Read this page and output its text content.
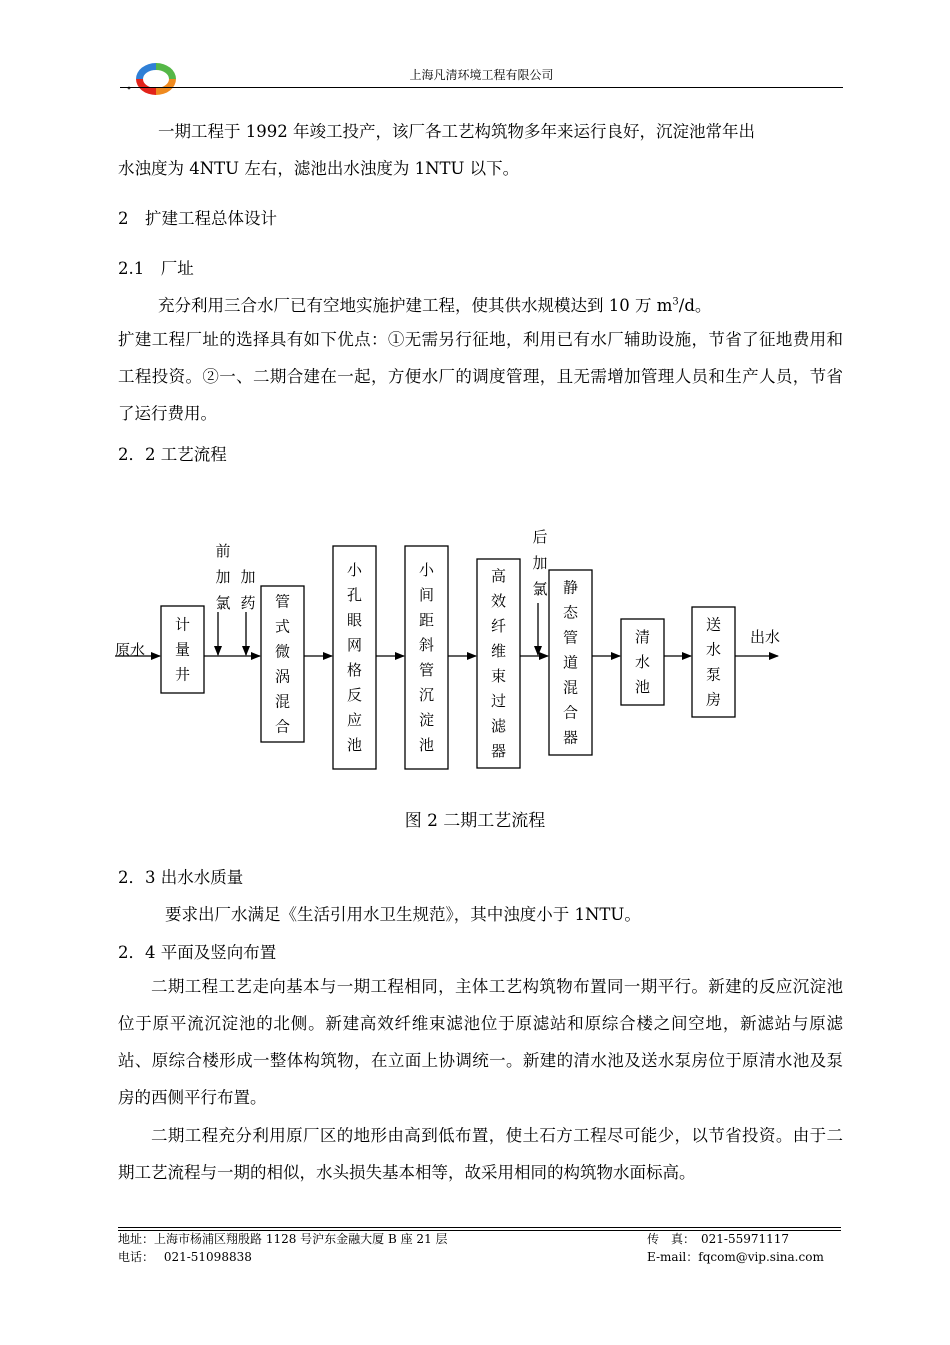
上海凡清环境工程有限公司
一期工程于 1992 年竣工投产，该厂各工艺构筑物多年来运行良好，沉淀池常年出
水浊度为 4NTU 左右，滤池出水浊度为 1NTU 以下。
2　扩建工程总体设计
2.1　厂址
充分利用三合水厂已有空地实施护建工程，使其供水规模达到 10 万 $m^3/d$。
扩建工程厂址的选择具有如下优点：①无需另行征地，利用已有水厂辅助设施，节省了征地费用和工程投资。②一、二期合建在一起，方便水厂的调度管理，且无需增加管理人员和生产人员，节省了运行费用。
2．2 工艺流程
计
量
井
管
式
微
涡
混
合
小
孔
眼
网
格
反
应
池
小
间
距
斜
管
沉
淀
池
高
效
纤
维
束
过
滤
器
静
态
管
道
混
合
器
清
水
池
送
水
泵
房
原水
出水
前
加
氯
加
药
后
加
氯
图 2 二期工艺流程
2．3 出水水质量
要求出厂水满足《生活引用水卫生规范》，其中浊度小于 1NTU。
2．4 平面及竖向布置
二期工程工艺走向基本与一期工程相同，主体工艺构筑物布置同一期平行。新建的反应沉淀池位于原平流沉淀池的北侧。新建高效纤维束滤池位于原滤站和原综合楼之间空地，新滤站与原滤站、原综合楼形成一整体构筑物，在立面上协调统一。新建的清水池及送水泵房位于原清水池及泵房的西侧平行布置。
二期工程充分利用原厂区的地形由高到低布置，使土石方工程尽可能少，以节省投资。由于二期工艺流程与一期的相似，水头损失基本相等，故采用相同的构筑物水面标高。
地址：上海市杨浦区翔殷路 1128 号沪东金融大厦 B 座 21 层
电话：　 021-51098838
传　真：　021-55971117
E-mail：fqcom@vip.sina.com
